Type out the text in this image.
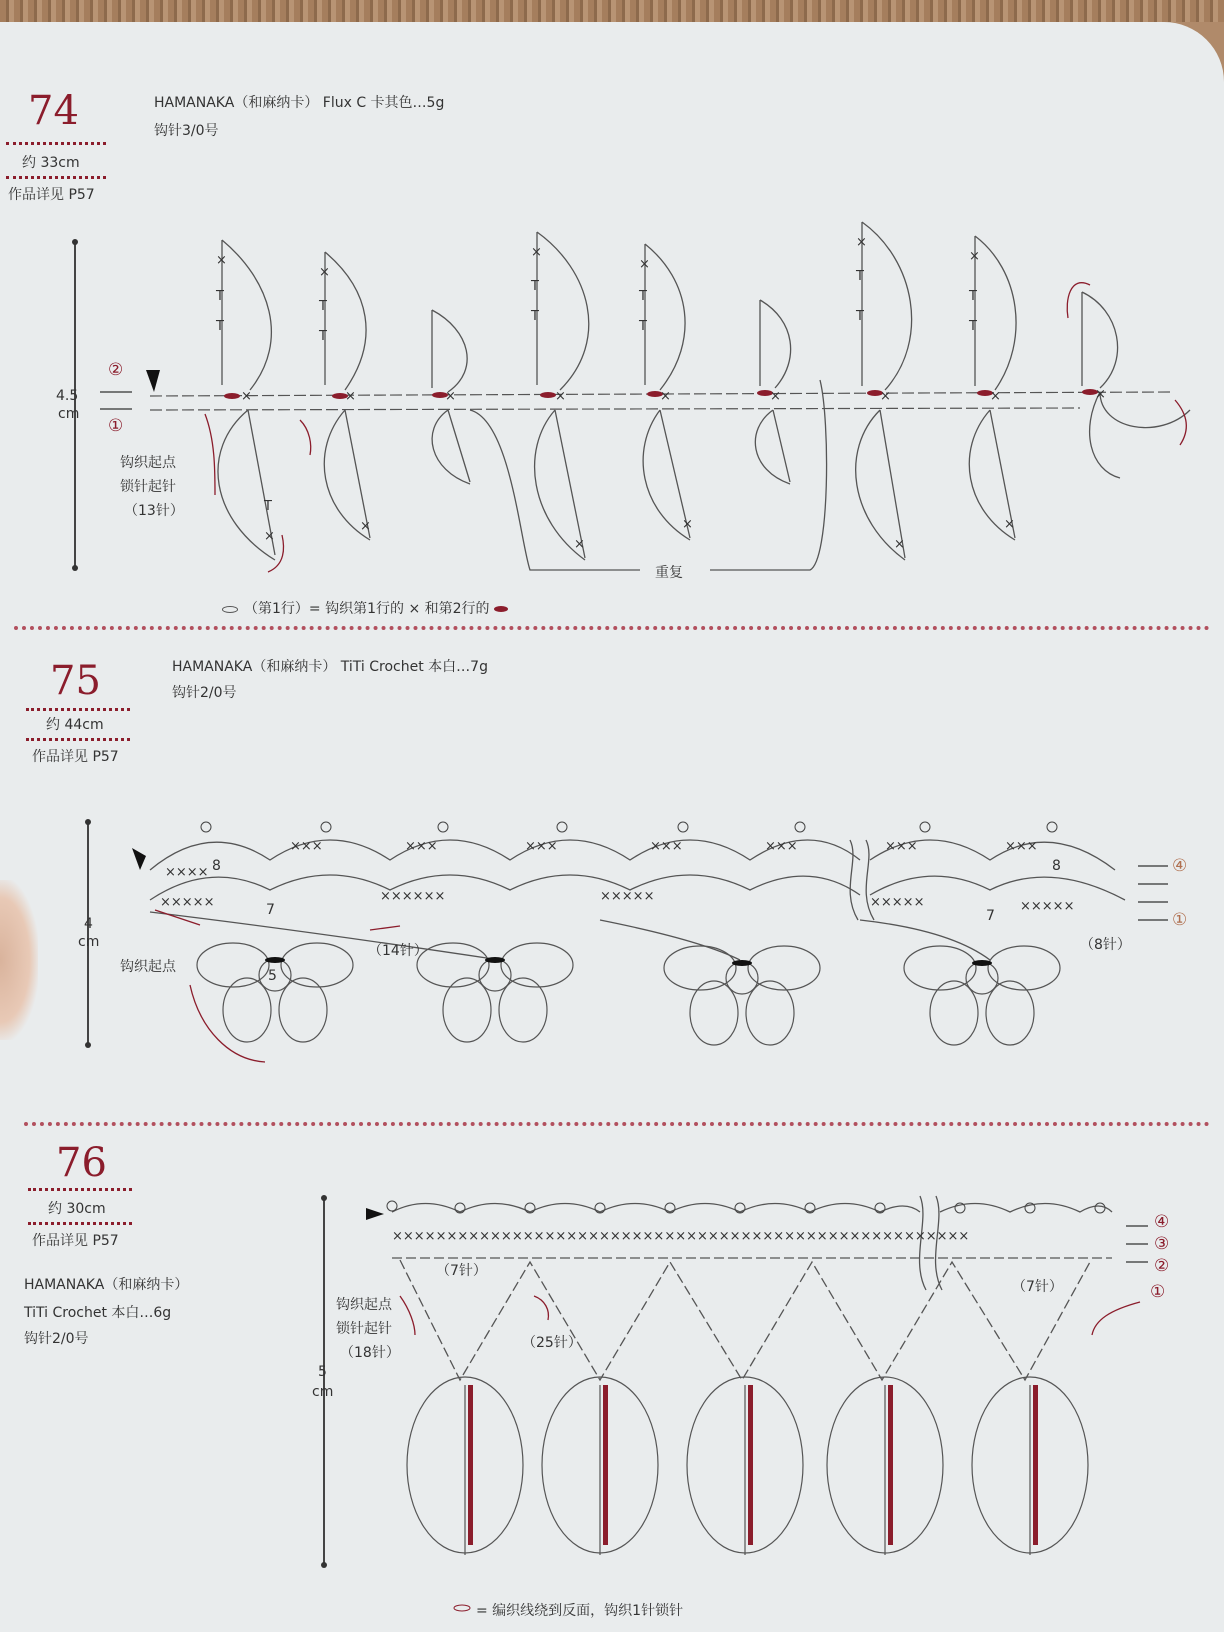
74
约 33cm
作品详见 P57
HAMANAKA（和麻纳卡） Flux C 卡其色…5g
钩针3/0号
×
T
T
×
T
T
×
T
T
×
T
T
×
T
T
×
T
T
×
T
×
×
×
×
×
×	×	×	×	×	×	×	×	×
4.5
cm
②
①
钩织起点
锁针起针
（13针）
重复
（第1行）= 钩织第1行的 × 和第2行的
75
约 44cm
作品详见 P57
HAMANAKA（和麻纳卡） TiTi Crochet 本白…7g
钩针2/0号
××××
×××	×××	×××	×××	×××	×××	×××
×××××	××××××	×××××	×××××	×××××
4
cm
钩织起点
（14针）	（8针）
8	8
7	7
5
④
①
76
约 30cm
作品详见 P57
HAMANAKA（和麻纳卡）
TiTi Crochet 本白…6g
钩针2/0号
×××××××××××××××××××××××××××××××××××××××××××××××××××××
5
cm
钩织起点
锁针起针
（18针）
（7针）
（7针）
（25针）
④
③
②
①
= 编织线绕到反面，钩织1针锁针
